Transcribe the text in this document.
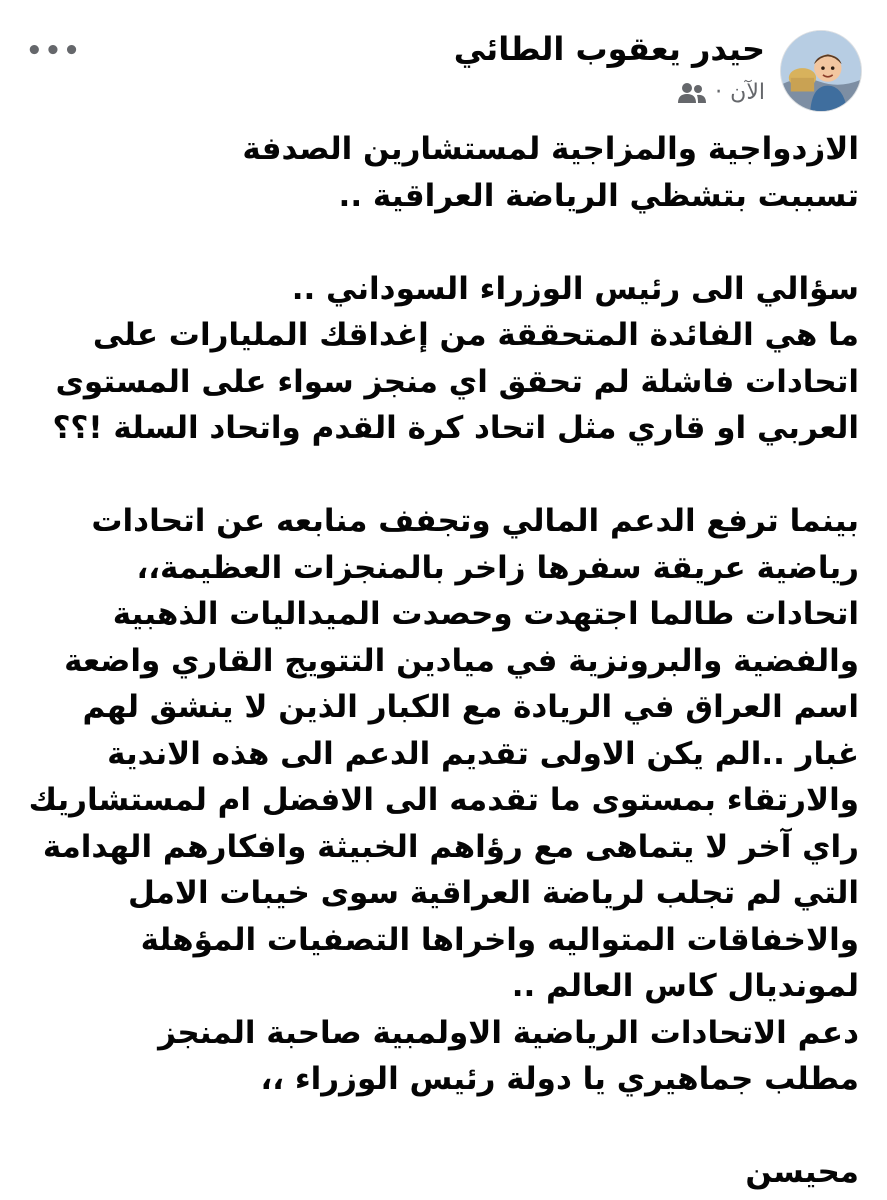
حيدر يعقوب الطائي
الآن
·
•••
الازدواجية والمزاجية لمستشارين الصدفة
تسببت بتشظي الرياضة العراقية ..
سؤالي الى رئيس الوزراء السوداني ..
ما هي الفائدة المتحققة من إغداقك المليارات على
اتحادات فاشلة لم تحقق اي منجز سواء على المستوى
العربي او قاري مثل اتحاد كرة القدم واتحاد السلة !؟؟
بينما ترفع الدعم المالي وتجفف منابعه عن اتحادات
رياضية عريقة سفرها زاخر بالمنجزات العظيمة،،
اتحادات طالما اجتهدت وحصدت الميداليات الذهبية
والفضية والبرونزية في ميادين التتويج القاري واضعة
اسم العراق في الريادة مع الكبار الذين لا ينشق لهم
غبار ..الم يكن الاولى تقديم الدعم الى هذه الاندية
والارتقاء بمستوى ما تقدمه الى الافضل ام لمستشاريك
راي آخر لا يتماهى مع رؤاهم الخبيثة وافكارهم الهدامة
التي لم تجلب لرياضة العراقية سوى خيبات الامل
والاخفاقات المتواليه واخراها التصفيات المؤهلة
لمونديال كاس العالم ..
دعم الاتحادات الرياضية الاولمبية صاحبة المنجز
مطلب جماهيري يا دولة رئيس الوزراء ،،
محيسن
